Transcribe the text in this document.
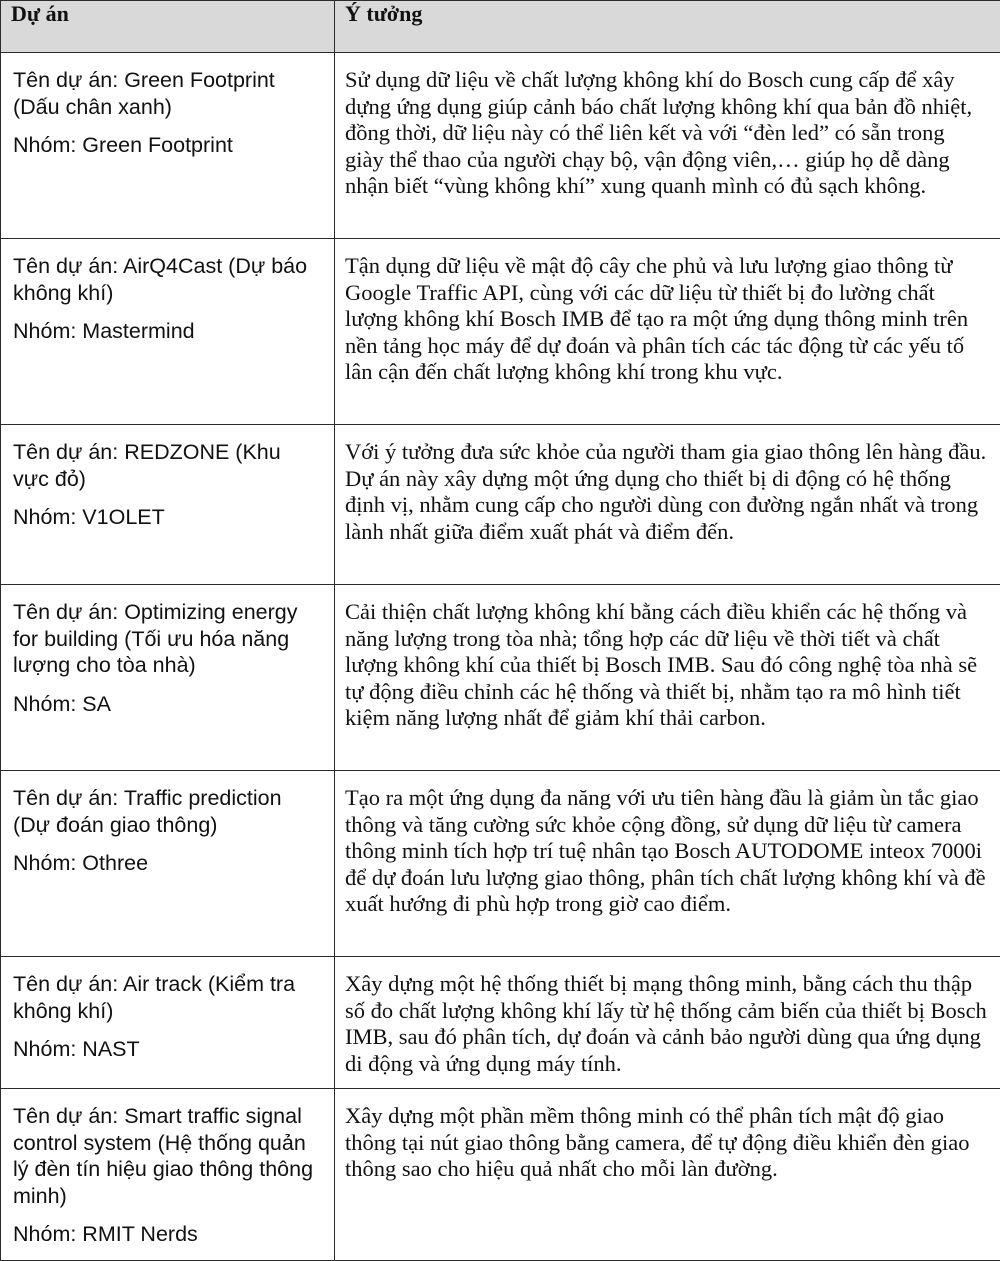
Dự án	Ý tưởng

Tên dự án: Green Footprint (Dấu chân xanh)

Nhóm: Green Footprint	Sử dụng dữ liệu về chất lượng không khí do Bosch cung cấp để xây dựng ứng dụng giúp cảnh báo chất lượng không khí qua bản đồ nhiệt, đồng thời, dữ liệu này có thể liên kết và với “đèn led” có sẵn trong giày thể thao của người chạy bộ, vận động viên,… giúp họ dễ dàng nhận biết “vùng không khí” xung quanh mình có đủ sạch không.

Tên dự án: AirQ4Cast (Dự báo không khí)

Nhóm: Mastermind	Tận dụng dữ liệu về mật độ cây che phủ và lưu lượng giao thông từ Google Traffic API, cùng với các dữ liệu từ thiết bị đo lường chất lượng không khí Bosch IMB để tạo ra một ứng dụng thông minh trên nền tảng học máy để dự đoán và phân tích các tác động từ các yếu tố lân cận đến chất lượng không khí trong khu vực.

Tên dự án: REDZONE (Khu vực đỏ)

Nhóm: V1OLET	Với ý tưởng đưa sức khỏe của người tham gia giao thông lên hàng đầu. Dự án này xây dựng một ứng dụng cho thiết bị di động có hệ thống định vị, nhằm cung cấp cho người dùng con đường ngắn nhất và trong lành nhất giữa điểm xuất phát và điểm đến.

Tên dự án: Optimizing energy for building (Tối ưu hóa năng lượng cho tòa nhà)

Nhóm: SA	Cải thiện chất lượng không khí bằng cách điều khiển các hệ thống và năng lượng trong tòa nhà; tổng hợp các dữ liệu về thời tiết và chất lượng không khí của thiết bị Bosch IMB. Sau đó công nghệ tòa nhà sẽ tự động điều chỉnh các hệ thống và thiết bị, nhằm tạo ra mô hình tiết kiệm năng lượng nhất để giảm khí thải carbon.

Tên dự án: Traffic prediction (Dự đoán giao thông)

Nhóm: Othree	Tạo ra một ứng dụng đa năng với ưu tiên hàng đầu là giảm ùn tắc giao thông và tăng cường sức khỏe cộng đồng, sử dụng dữ liệu từ camera thông minh tích hợp trí tuệ nhân tạo Bosch AUTODOME inteox 7000i để dự đoán lưu lượng giao thông, phân tích chất lượng không khí và đề xuất hướng đi phù hợp trong giờ cao điểm.

Tên dự án: Air track (Kiểm tra không khí)

Nhóm: NAST	Xây dựng một hệ thống thiết bị mạng thông minh, bằng cách thu thập số đo chất lượng không khí lấy từ hệ thống cảm biến của thiết bị Bosch IMB, sau đó phân tích, dự đoán và cảnh bảo người dùng qua ứng dụng di động và ứng dụng máy tính.

Tên dự án: Smart traffic signal control system (Hệ thống quản lý đèn tín hiệu giao thông thông minh)

Nhóm: RMIT Nerds	Xây dựng một phần mềm thông minh có thể phân tích mật độ giao thông tại nút giao thông bằng camera, để tự động điều khiển đèn giao thông sao cho hiệu quả nhất cho mỗi làn đường.
